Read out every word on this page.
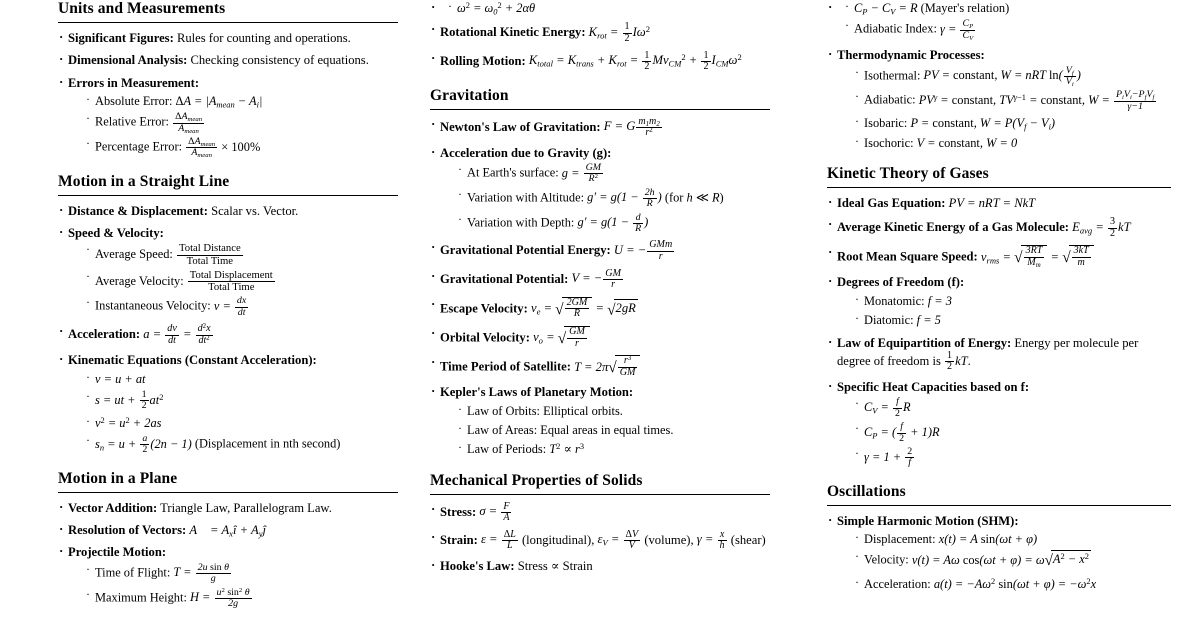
Units and Measurements
· Significant Figures: Rules for counting and operations.
· Dimensional Analysis: Checking consistency of equations.
· Errors in Measurement:
· Absolute Error: $\Delta A = |A_{mean} - A_i|$
· Relative Error: $\frac{\Delta A_{mean}}{A_{mean}}$
· Percentage Error: $\frac{\Delta A_{mean}}{A_{mean}} \times 100\%$
Motion in a Straight Line
· Distance & Displacement: Scalar vs. Vector.
· Speed & Velocity:
· Average Speed: $\frac{\text{Total Distance}}{\text{Total Time}}$
· Average Velocity: $\frac{\text{Total Displacement}}{\text{Total Time}}$
· Instantaneous Velocity: $v = \frac{dx}{dt}$
· Acceleration: $a = \frac{dv}{dt} = \frac{d^2x}{dt^2}$
· Kinematic Equations (Constant Acceleration):
· v = u + at
· s = ut + $\frac{1}{2} at^2$
· $v^2 = u^2 + 2as$
· $s_n = u + \frac{a}{2} (2n - 1)$ (Displacement in nth second)
Motion in a Plane
· Vector Addition: Triangle Law, Parallelogram Law.
· Resolution of Vectors: A⃗ = $A_xî$ + $A_yĵ$
· Projectile Motion:
· Time of Flight: $T = \frac{\text{2u sin θ}}{g}$
· Maximum Height: $H = \frac{u^2 \sin^2 \theta}{2g}$
· · $\omega^2 = \omega_0^2 + 2\alpha\theta$
· Rotational Kinetic Energy: $K_{rot} = \frac{1}{2} I\omega^2$
· Rolling Motion: $K_{total} = K_{trans} + K_{rot} = \frac{1}{2} Mv_{CM}^2 + \frac{1}{2} I_{CM}\omega^2$
Gravitation
· Newton's Law of Gravitation: F = G $\frac{m_1m_2}{r^2}$
· Acceleration due to Gravity (g):
· At Earth's surface: $g = \frac{GM}{R^2}$
· Variation with Altitude: $g' = g(1 - \frac{2h}{R}$ ) (for h ≪ R)
· Variation with Depth: $g' = g(1 - \frac{d}{R}$ )
· Gravitational Potential Energy: U = − $\frac{\text{GMm}}{r}$
· Gravitational Potential: V = − $\frac{GM}{r}$
· Escape Velocity: $v_e$ = √ $\frac{2GM}{R} = √2gR$
· Orbital Velocity: $v_o$ = √ $\frac{GM}{r}$
· Time Period of Satellite: $T = 2\pi√ \frac{r^3}{GM}$
· Kepler's Laws of Planetary Motion:
· Law of Orbits: Elliptical orbits.
· Law of Areas: Equal areas in equal times.
· Law of Periods: $T^2 \propto r^3$
Mechanical Properties of Solids
· Stress: $\sigma = \frac{F}{A}$
· Strain: $\varepsilon = \frac{\Delta L}{L}$ (longitudinal), $\varepsilon_V = \frac{\Delta V}{V}$ (volume), $\gamma = \frac{x}{h}$ (shear)
· Hooke's Law: Stress ∝ Strain
· · $C_P - C_V = R$ (Mayer's relation)
· Adiabatic Index: $\gamma = \frac{C_P}{C_V}$
· Thermodynamic Processes:
· Isothermal: PV = constant, W = nRT $\ln( \frac{V_f}{V_i}$ )
· Adiabatic: $PV^\gamma$ = constant, $TV^{\gamma-1}$ = constant, $W = \frac{P_iV_i-P_fV_f}{\gamma-1}$
· Isobaric: P = constant, $W = P(V_f - V_i)$
· Isochoric: V = constant, W = 0
Kinetic Theory of Gases
· Ideal Gas Equation: PV = nRT = NkT
· Average Kinetic Energy of a Gas Molecule: $E_{avg} = \frac{3}{2}$ kT
· Root Mean Square Speed: $v_{rms}$ = √ $\frac{3RT}{M_m}$ = √ $\frac{3kT}{m}$
· Degrees of Freedom (f):
· Monatomic: f = 3
· Diatomic: f = 5
· Law of Equipartition of Energy: Energy per molecule per degree of freedom is $\frac{1}{2}$ kT.
· Specific Heat Capacities based on f:
· $C_V = \frac{f}{2}$ R
· $C_P$ = ( $\frac{f}{2} + 1)R$
· $\gamma = 1 + \frac{2}{f}$
Oscillations
· Simple Harmonic Motion (SHM):
· Displacement: x(t) = A sin(ωt + φ)
· Velocity: v(t) = Aω $\cos(\omega t + \varphi) = \omega√A^2 - x^2$
· Acceleration: $a(t) = -A\omega^2$ $\sin(\omega t + \varphi) = -\omega^2x$
